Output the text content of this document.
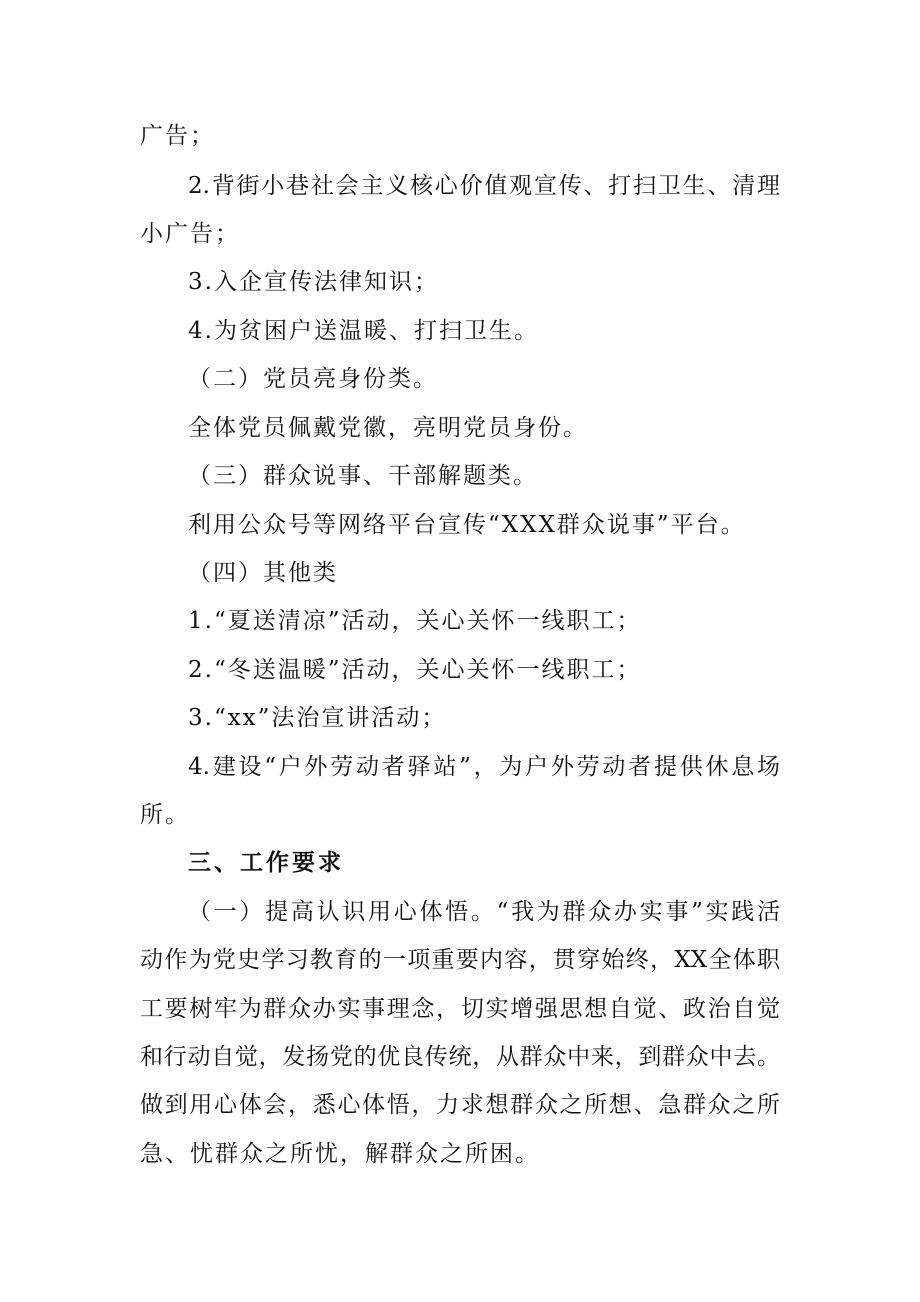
广告；
2.背街小巷社会主义核心价值观宣传、打扫卫生、清理
小广告；
3.入企宣传法律知识；
4.为贫困户送温暖、打扫卫生。
（二）党员亮身份类。
全体党员佩戴党徽，亮明党员身份。
（三）群众说事、干部解题类。
利用公众号等网络平台宣传“XXX群众说事”平台。
（四）其他类
1.“夏送清凉”活动，关心关怀一线职工；
2.“冬送温暖”活动，关心关怀一线职工；
3.“xx”法治宣讲活动；
4.建设“户外劳动者驿站”，为户外劳动者提供休息场
所。
三、工作要求
（一）提高认识用心体悟。“我为群众办实事”实践活
动作为党史学习教育的一项重要内容，贯穿始终，XX全体职
工要树牢为群众办实事理念，切实增强思想自觉、政治自觉
和行动自觉，发扬党的优良传统，从群众中来，到群众中去。
做到用心体会，悉心体悟，力求想群众之所想、急群众之所
急、忧群众之所忧，解群众之所困。
